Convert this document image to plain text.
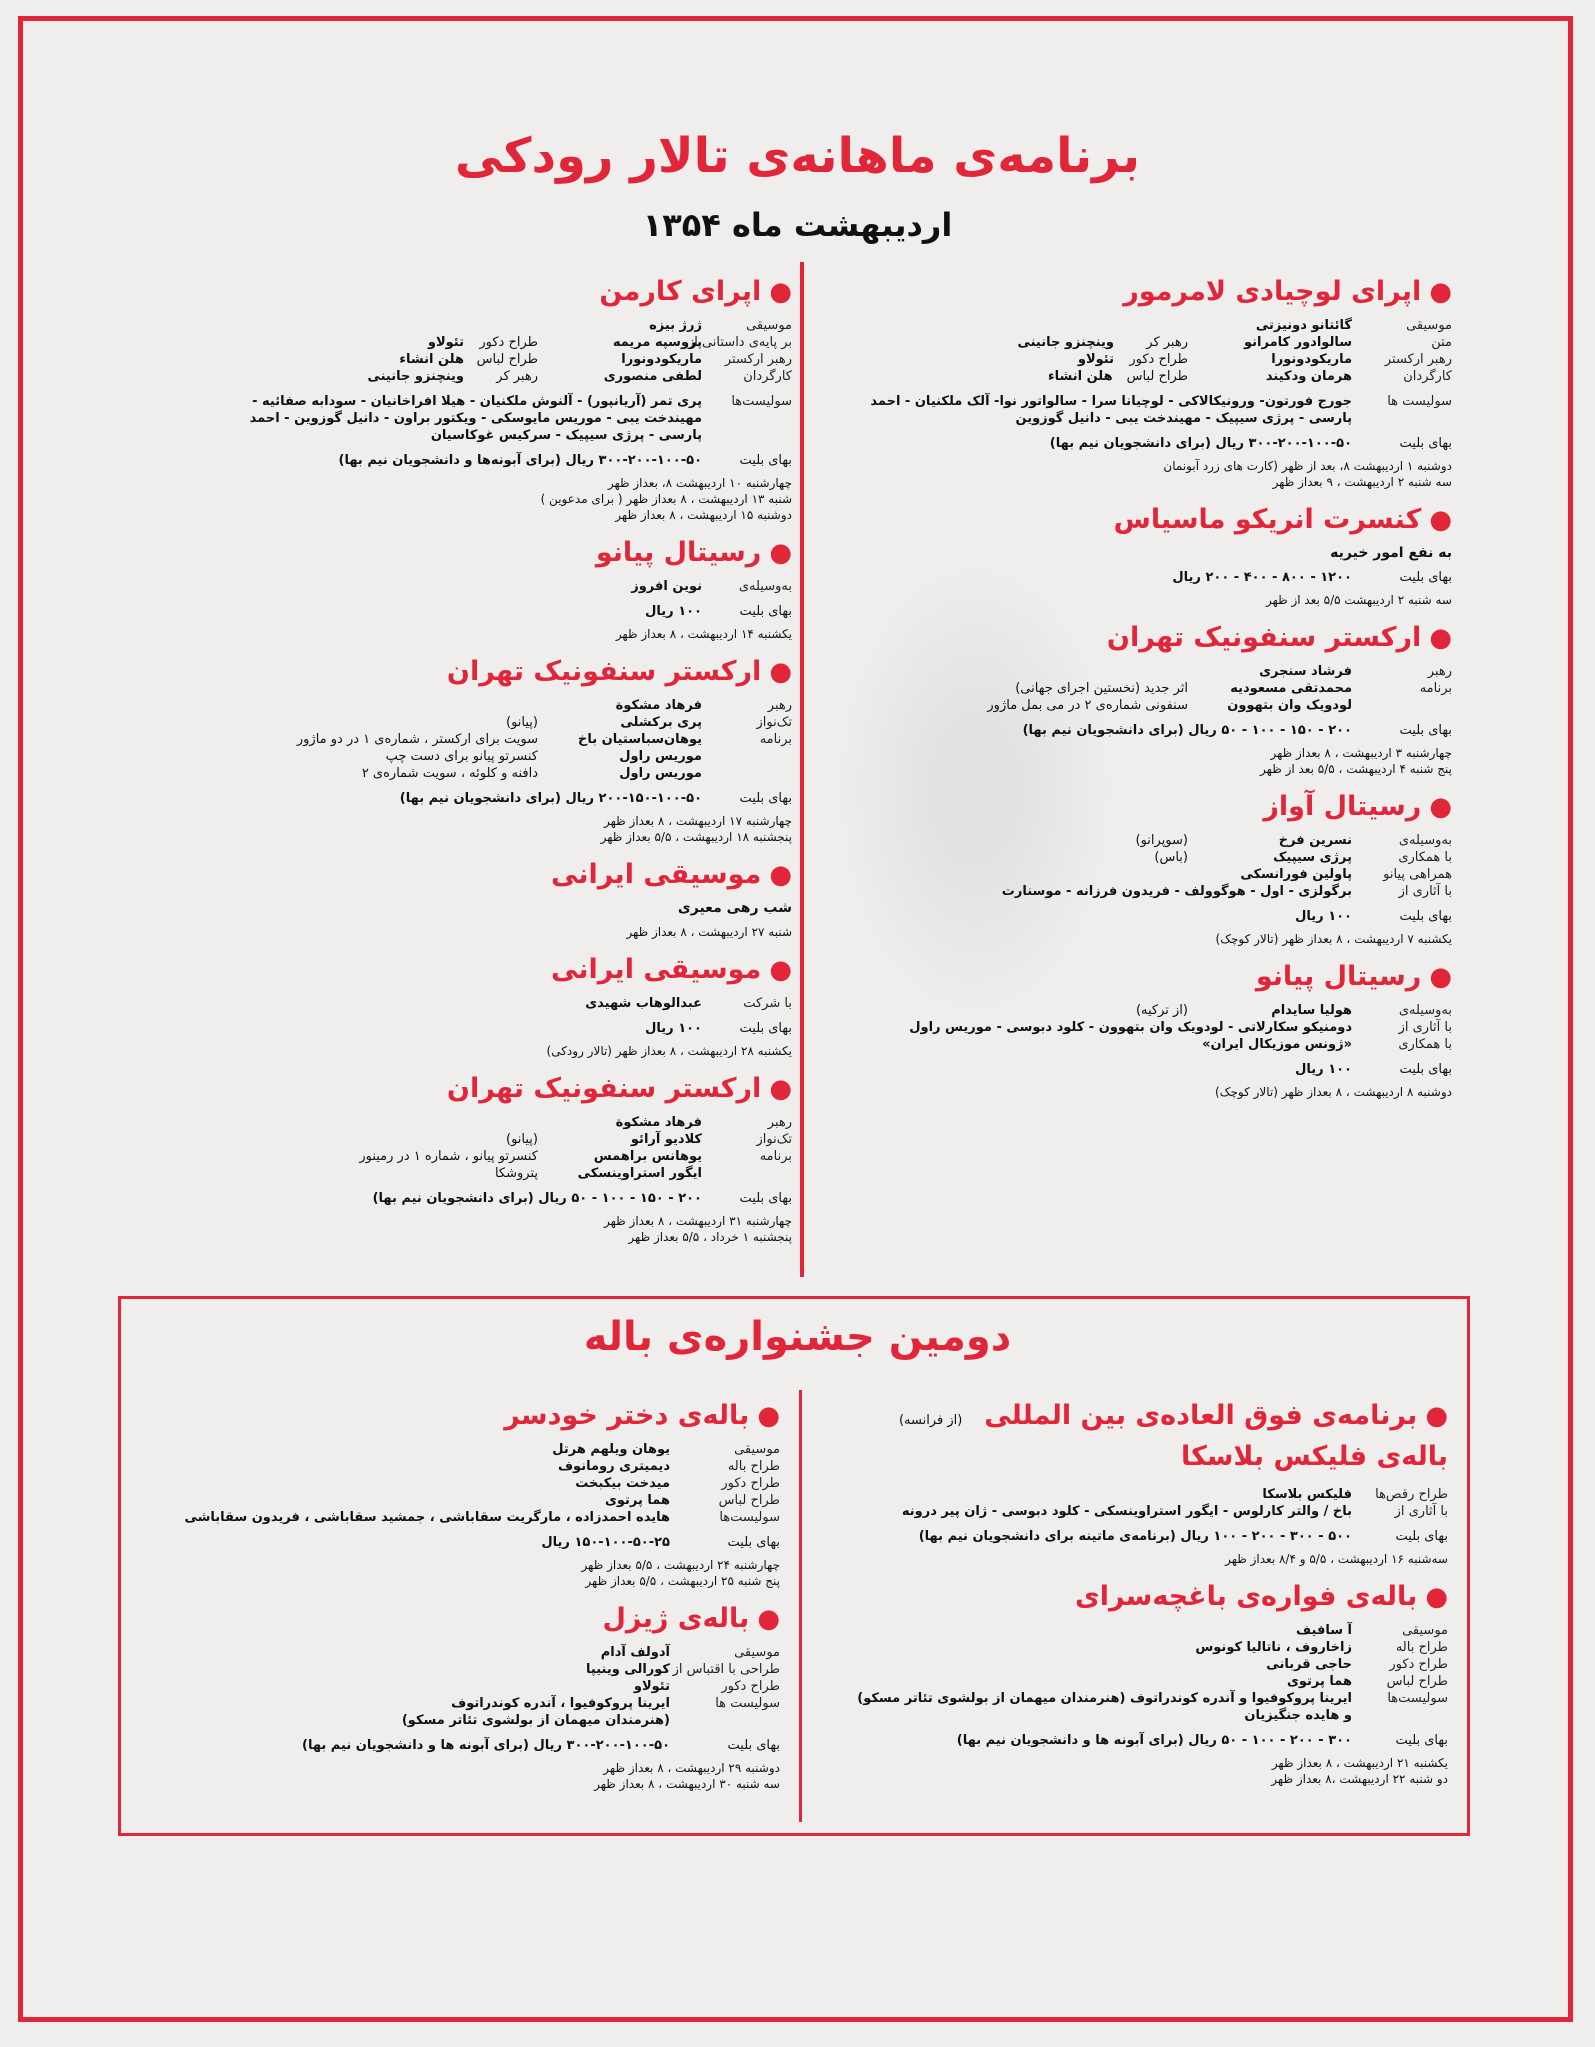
برنامه‌ی ماهانه‌ی تالار رودکی
اردیبهشت ماه ۱۳۵۴
●اپرای لوچیادی لامرمور
موسیقی
گائتانو دونیزتی
متن
سالوادور کامرانو
رهبر کر
وینچنزو جانینی
رهبر ارکستر
ماریکودونورا
طراح دکور
تئولاو
کارگردان
هرمان ودکیند
طراح لباس
هلن انشاء
سولیست ها
جورج فورتون- ورونیکالاکی - لوچیانا سرا - سالواتور نوا- آلک ملکنیان - احمد
پارسی - پرژی سیپیک - مهیندخت یبی - دانیل گوزوین
بهای بلیت
۳۰۰-۲۰۰-۱۰۰-۵۰ ریال (برای دانشجویان نیم بها)
دوشنبه ۱ اردیبهشت ۸، بعد از ظهر (کارت های زرد آبونمان
سه شنبه ۲ اردیبهشت ، ۹ بعداز ظهر
●کنسرت انریکو ماسیاس
به نفع امور خیریه
بهای بلیت
۱۲۰۰ - ۸۰۰ - ۴۰۰ - ۲۰۰ ریال
سه شنبه ۲ اردیبهشت ۵/۵ بعد از ظهر
●ارکستر سنفونیک تهران
رهبر
فرشاد سنجری
برنامه
محمدتقی مسعودیه
اثر جدید (نخستین اجرای جهانی)
لودویک وان بتهوون
سنفونی شماره‌ی ۲ در می بمل ماژور
بهای بلیت
۲۰۰ - ۱۵۰ - ۱۰۰ - ۵۰ ریال (برای دانشجویان نیم بها)
چهارشنبه ۳ اردیبهشت ، ۸ بعداز ظهر
پنج شنبه ۴ اردیبهشت ، ۵/۵ بعد از ظهر
●رسیتال آواز
به‌وسیله‌ی
نسرین فرخ
(سوپرانو)
با همکاری
پرژی سیپیک
(باس)
همراهی پیانو
پاولین فورانسکی
با آثاری از
برگولزی - اول - هوگوولف - فریدون فرزانه - موسنارت
بهای بلیت
۱۰۰ ریال
یکشنبه ۷ اردیبهشت ، ۸ بعداز ظهر (تالار کوچک)
●رسیتال پیانو
به‌وسیله‌ی
هولیا سایدام
(از ترکیه)
با آثاری از
دومنیکو سکارلاتی - لودویک وان بتهوون - کلود دبوسی - موریس راول
با همکاری
«ژونس موزیکال ایران»
بهای بلیت
۱۰۰ ریال
دوشنبه ۸ اردیبهشت ، ۸ بعداز ظهر (تالار کوچک)
●اپرای کارمن
موسیقی
ژرژ بیزه
بر پایه‌ی داستانی از
پروسپه مریمه
طراح دکور
تئولاو
رهبر ارکستر
ماریکودونورا
طراح لباس
هلن انشاء
کارگردان
لطفی منصوری
رهبر کر
وینچنزو جانینی
سولیست‌ها
پری تمر (آریانپور) - آلنوش ملکنیان - هیلا افراخانیان - سودابه صفائیه -
مهیندخت یبی - موریس مایوسکی - ویکتور براون - دانیل گوزوین - احمد
پارسی - پرژی سیپیک - سرکیس غوکاسیان
بهای بلیت
۳۰۰-۲۰۰-۱۰۰-۵۰ ریال (برای آبونه‌ها و دانشجویان نیم بها)
چهارشنبه ۱۰ اردیبهشت ۸، بعداز ظهر
شنبه ۱۳ اردیبهشت ، ۸ بعداز ظهر ( برای مدعوین )
دوشنبه ۱۵ اردیبهشت ، ۸ بعداز ظهر
●رسیتال پیانو
به‌وسیله‌ی
نوین افروز
بهای بلیت
۱۰۰ ریال
یکشنبه ۱۴ اردیبهشت ، ۸ بعداز ظهر
●ارکستر سنفونیک تهران
رهبر
فرهاد مشکوة
تک‌نواز
پری برکشلی
(پیانو)
برنامه
یوهان‌سباستیان باخ
سویت برای ارکستر ، شماره‌ی ۱ در دو ماژور
موریس راول
کنسرتو پیانو برای دست چپ
موریس راول
دافنه و کلوئه ، سویت شماره‌ی ۲
بهای بلیت
۲۰۰-۱۵۰-۱۰۰-۵۰ ریال (برای دانشجویان نیم بها)
چهارشنبه ۱۷ اردیبهشت ، ۸ بعداز ظهر
پنجشنبه ۱۸ اردیبهشت ، ۵/۵ بعداز ظهر
●موسیقی ایرانی
شب رهی معیری
شنبه ۲۷ اردیبهشت ، ۸ بعداز ظهر
●موسیقی ایرانی
با شرکت
عبدالوهاب شهیدی
بهای بلیت
۱۰۰ ریال
یکشنبه ۲۸ اردیبهشت ، ۸ بعداز ظهر (تالار رودکی)
●ارکستر سنفونیک تهران
رهبر
فرهاد مشکوة
تک‌نواز
کلادیو آرائو
(پیانو)
برنامه
یوهانس براهمس
کنسرتو پیانو ، شماره ۱ در رمینور
ایگور استراوینسکی
پتروشکا
بهای بلیت
۲۰۰ - ۱۵۰ - ۱۰۰ - ۵۰ ریال (برای دانشجویان نیم بها)
چهارشنبه ۳۱ اردیبهشت ، ۸ بعداز ظهر
پنجشنبه ۱ خرداد ، ۵/۵ بعداز ظهر
دومین جشنواره‌ی باله
●برنامه‌ی فوق العاده‌ی بین المللی(از فرانسه)
باله‌ی فلیکس بلاسکا
طراح رقص‌ها
فلیکس بلاسکا
با آثاری از
باخ / والتر کارلوس - ایگور استراوینسکی - کلود دبوسی - ژان پیر درونه
بهای بلیت
۵۰۰ - ۳۰۰ - ۲۰۰ - ۱۰۰ ریال (برنامه‌ی ماتینه برای دانشجویان نیم بها)
سه‌شنبه ۱۶ اردیبهشت ، ۵/۵ و ۸/۴ بعداز ظهر
●باله‌ی فواره‌ی باغچه‌سرای
موسیقی
آ سافیف
طراح باله
زاخاروف ، ناتالیا کونوس
طراح دکور
حاجی قربانی
طراح لباس
هما پرتوی
سولیست‌ها
ایرینا پروکوفیوا و آندره کوندراتوف (هنرمندان میهمان از بولشوی تئاتر مسکو)
و هایده جنگیزیان
بهای بلیت
۳۰۰ - ۲۰۰ - ۱۰۰ - ۵۰ ریال (برای آبونه ها و دانشجویان نیم بها)
یکشنبه ۲۱ اردیبهشت ، ۸ بعداز ظهر
دو شنبه ۲۲ اردیبهشت ،۸ بعداز ظهر
●باله‌ی دختر خودسر
موسیقی
یوهان ویلهم هرتل
طراح باله
دیمیتری رومانوف
طراح دکور
میدخت بیکبخت
طراح لباس
هما پرتوی
سولیست‌ها
هایده احمدزاده ، مارگریت سقاباشی ، جمشید سقاباشی ، فریدون سقاباشی
بهای بلیت
۱۵۰-۱۰۰-۵۰-۲۵ ریال
چهارشنبه ۲۴ اردیبهشت ، ۵/۵ بعداز ظهر
پنج شنبه ۲۵ اردیبهشت ، ۵/۵ بعداز ظهر
●باله‌ی ژیزل
موسیقی
آدولف آدام
طراحی با اقتباس از
کورالی وینیپا
طراح دکور
تئولاو
سولیست ها
ایرینا پروکوفیوا ، آندره کوندراتوف
(هنرمندان میهمان از بولشوی تئاتر مسکو)
بهای بلیت
۳۰۰-۲۰۰-۱۰۰-۵۰ ریال (برای آبونه ها و دانشجویان نیم بها)
دوشنبه ۲۹ اردیبهشت ، ۸ بعداز ظهر
سه شنبه ۳۰ اردیبهشت ، ۸ بعداز ظهر
